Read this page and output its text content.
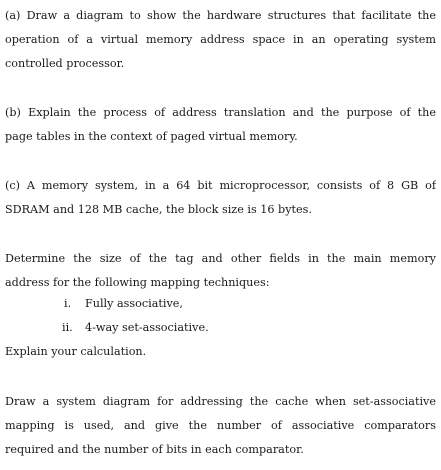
(a) Draw a diagram to show the hardware structures that facilitate the
operation of a virtual memory address space in an operating system
controlled processor.
(b) Explain the process of address translation and the purpose of the
page tables in the context of paged virtual memory.
(c) A memory system, in a 64 bit microprocessor, consists of 8 GB of
SDRAM and 128 MB cache, the block size is 16 bytes.
Determine the size of the tag and other fields in the main memory
address for the following mapping techniques:
i. Fully associative,
ii. 4-way set-associative.
Explain your calculation.
Draw a system diagram for addressing the cache when set-associative
mapping is used, and give the number of associative comparators
required and the number of bits in each comparator.
